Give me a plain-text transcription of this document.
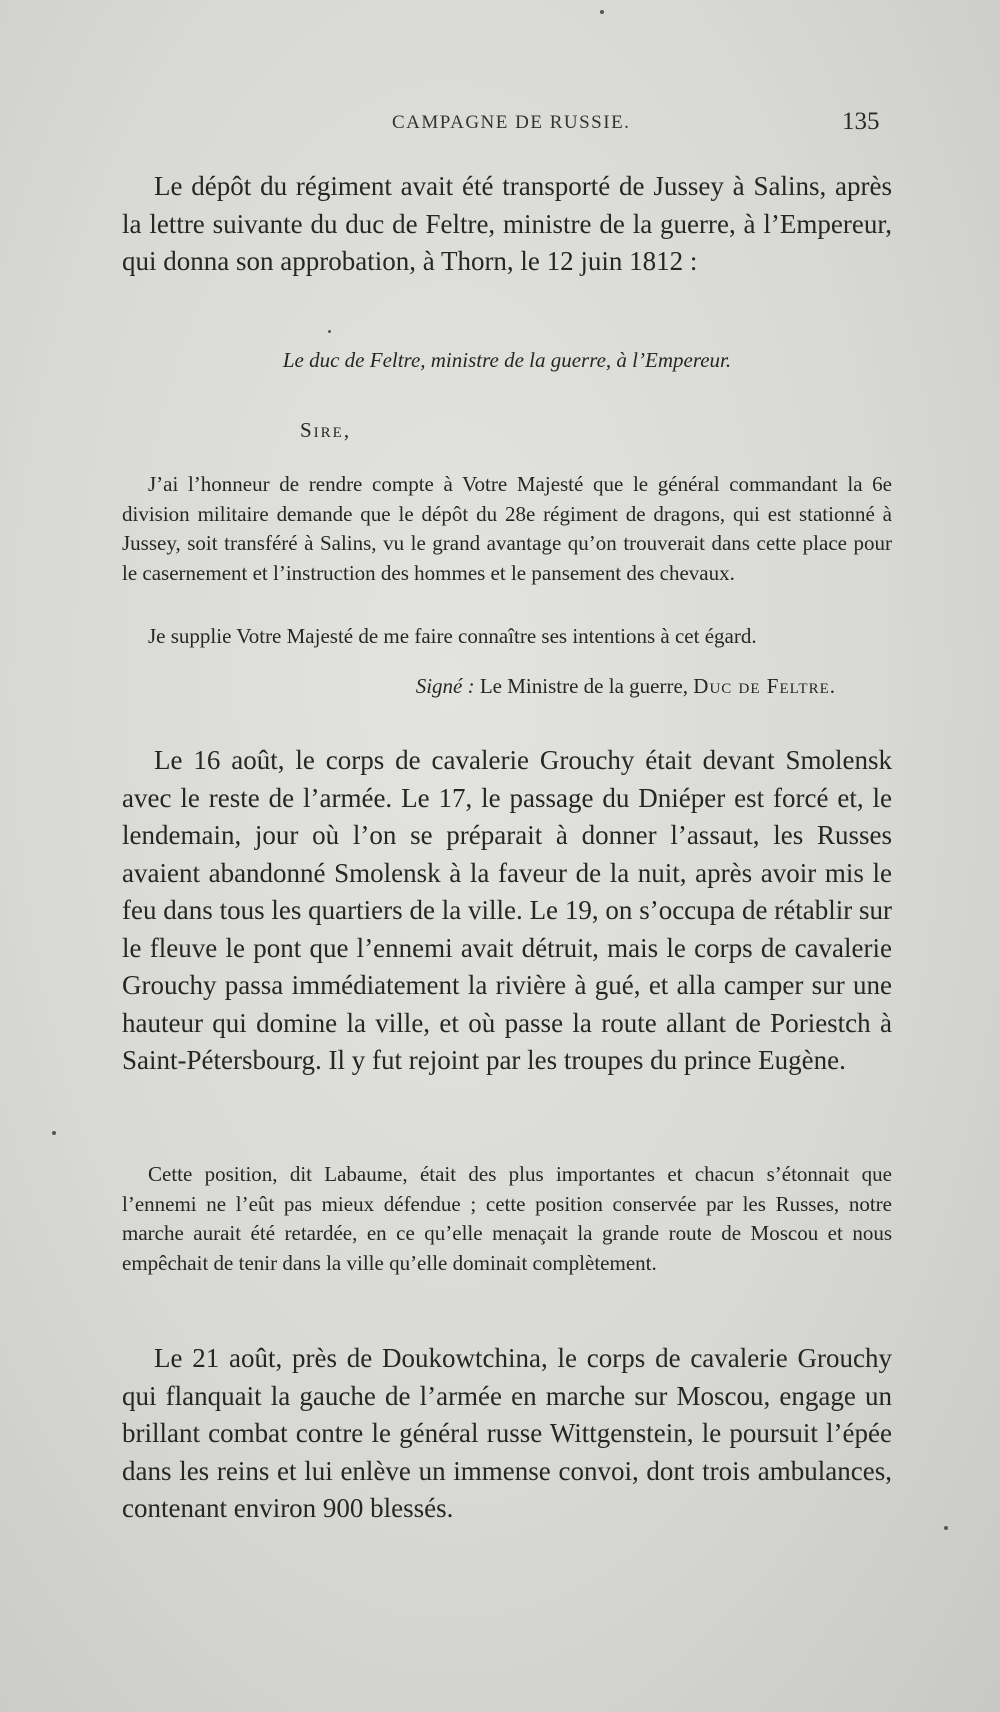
CAMPAGNE DE RUSSIE.	135

Le dépôt du régiment avait été transporté de Jussey à Salins, après la lettre suivante du duc de Feltre, ministre de la guerre, à l’Empereur, qui donna son approbation, à Thorn, le 12 juin 1812 :

Le duc de Feltre, ministre de la guerre, à l’Empereur.

Sire,

J’ai l’honneur de rendre compte à Votre Majesté que le général commandant la 6e division militaire demande que le dépôt du 28e régiment de dragons, qui est stationné à Jussey, soit transféré à Salins, vu le grand avantage qu’on trouverait dans cette place pour le casernement et l’instruction des hommes et le pansement des chevaux.

Je supplie Votre Majesté de me faire connaître ses intentions à cet égard.

Signé : Le Ministre de la guerre, Duc de Feltre.

Le 16 août, le corps de cavalerie Grouchy était devant Smolensk avec le reste de l’armée. Le 17, le passage du Dniéper est forcé et, le lendemain, jour où l’on se préparait à donner l’assaut, les Russes avaient abandonné Smolensk à la faveur de la nuit, après avoir mis le feu dans tous les quartiers de la ville. Le 19, on s’occupa de rétablir sur le fleuve le pont que l’ennemi avait détruit, mais le corps de cavalerie Grouchy passa immédiatement la rivière à gué, et alla camper sur une hauteur qui domine la ville, et où passe la route allant de Poriestch à Saint-Pétersbourg. Il y fut rejoint par les troupes du prince Eugène.

Cette position, dit Labaume, était des plus importantes et chacun s’étonnait que l’ennemi ne l’eût pas mieux défendue ; cette position conservée par les Russes, notre marche aurait été retardée, en ce qu’elle menaçait la grande route de Moscou et nous empêchait de tenir dans la ville qu’elle dominait complètement.

Le 21 août, près de Doukowtchina, le corps de cavalerie Grouchy qui flanquait la gauche de l’armée en marche sur Moscou, engage un brillant combat contre le général russe Wittgenstein, le poursuit l’épée dans les reins et lui enlève un immense convoi, dont trois ambulances, contenant environ 900 blessés.
